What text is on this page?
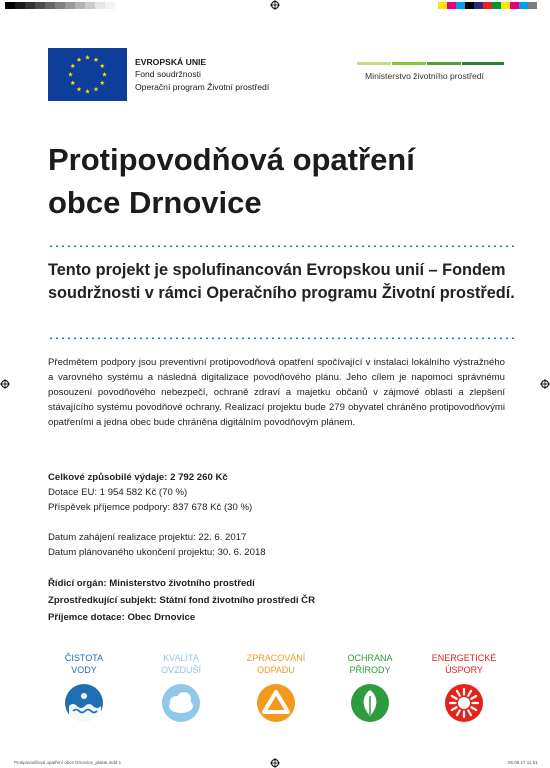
EVROPSKÁ UNIE
Fond soudržnosti
Operační program Životní prostředí
Ministerstvo životního prostředí
Protipovodňová opatření
obce Drnovice
Tento projekt je spolufinancován Evropskou unií – Fondem soudržnosti v rámci Operačního programu Životní prostředí.
Předmětem podpory jsou preventivní protipovodňová opatření spočívající v instalaci lokálního výstražného a varovného systému a následná digitalizace povodňového plánu. Jeho cílem je napomoci správnému posouzení povodňového nebezpečí, ochraně zdraví a majetku občanů v zájmové oblasti a zlepšení stávajícího systému povodňové ochrany. Realizací projektu bude 279 obyvatel chráněno protipovodňovými opatřeními a jedna obec bude chráněna digitálním povodňovým plánem.
Celkové způsobilé výdaje: 2 792 260 Kč
Dotace EU: 1 954 582 Kč (70 %)
Příspěvek příjemce podpory: 837 678 Kč (30 %)
Datum zahájení realizace projektu: 22. 6. 2017
Datum plánovaného ukončení projektu: 30. 6. 2018
Řídicí orgán: Ministerstvo životního prostředí
Zprostředkující subjekt: Státní fond životního prostředí ČR
Příjemce dotace: Obec Drnovice
ČISTOTA
VODY
KVALITA
OVZDUŠÍ
ZPRACOVÁNÍ
ODPADU
OCHRANA
PŘÍRODY
ENERGETICKÉ
ÚSPORY
Protipovodňová opatření obce Drnovice_plakat.indd 1	06.06.17 11:51
